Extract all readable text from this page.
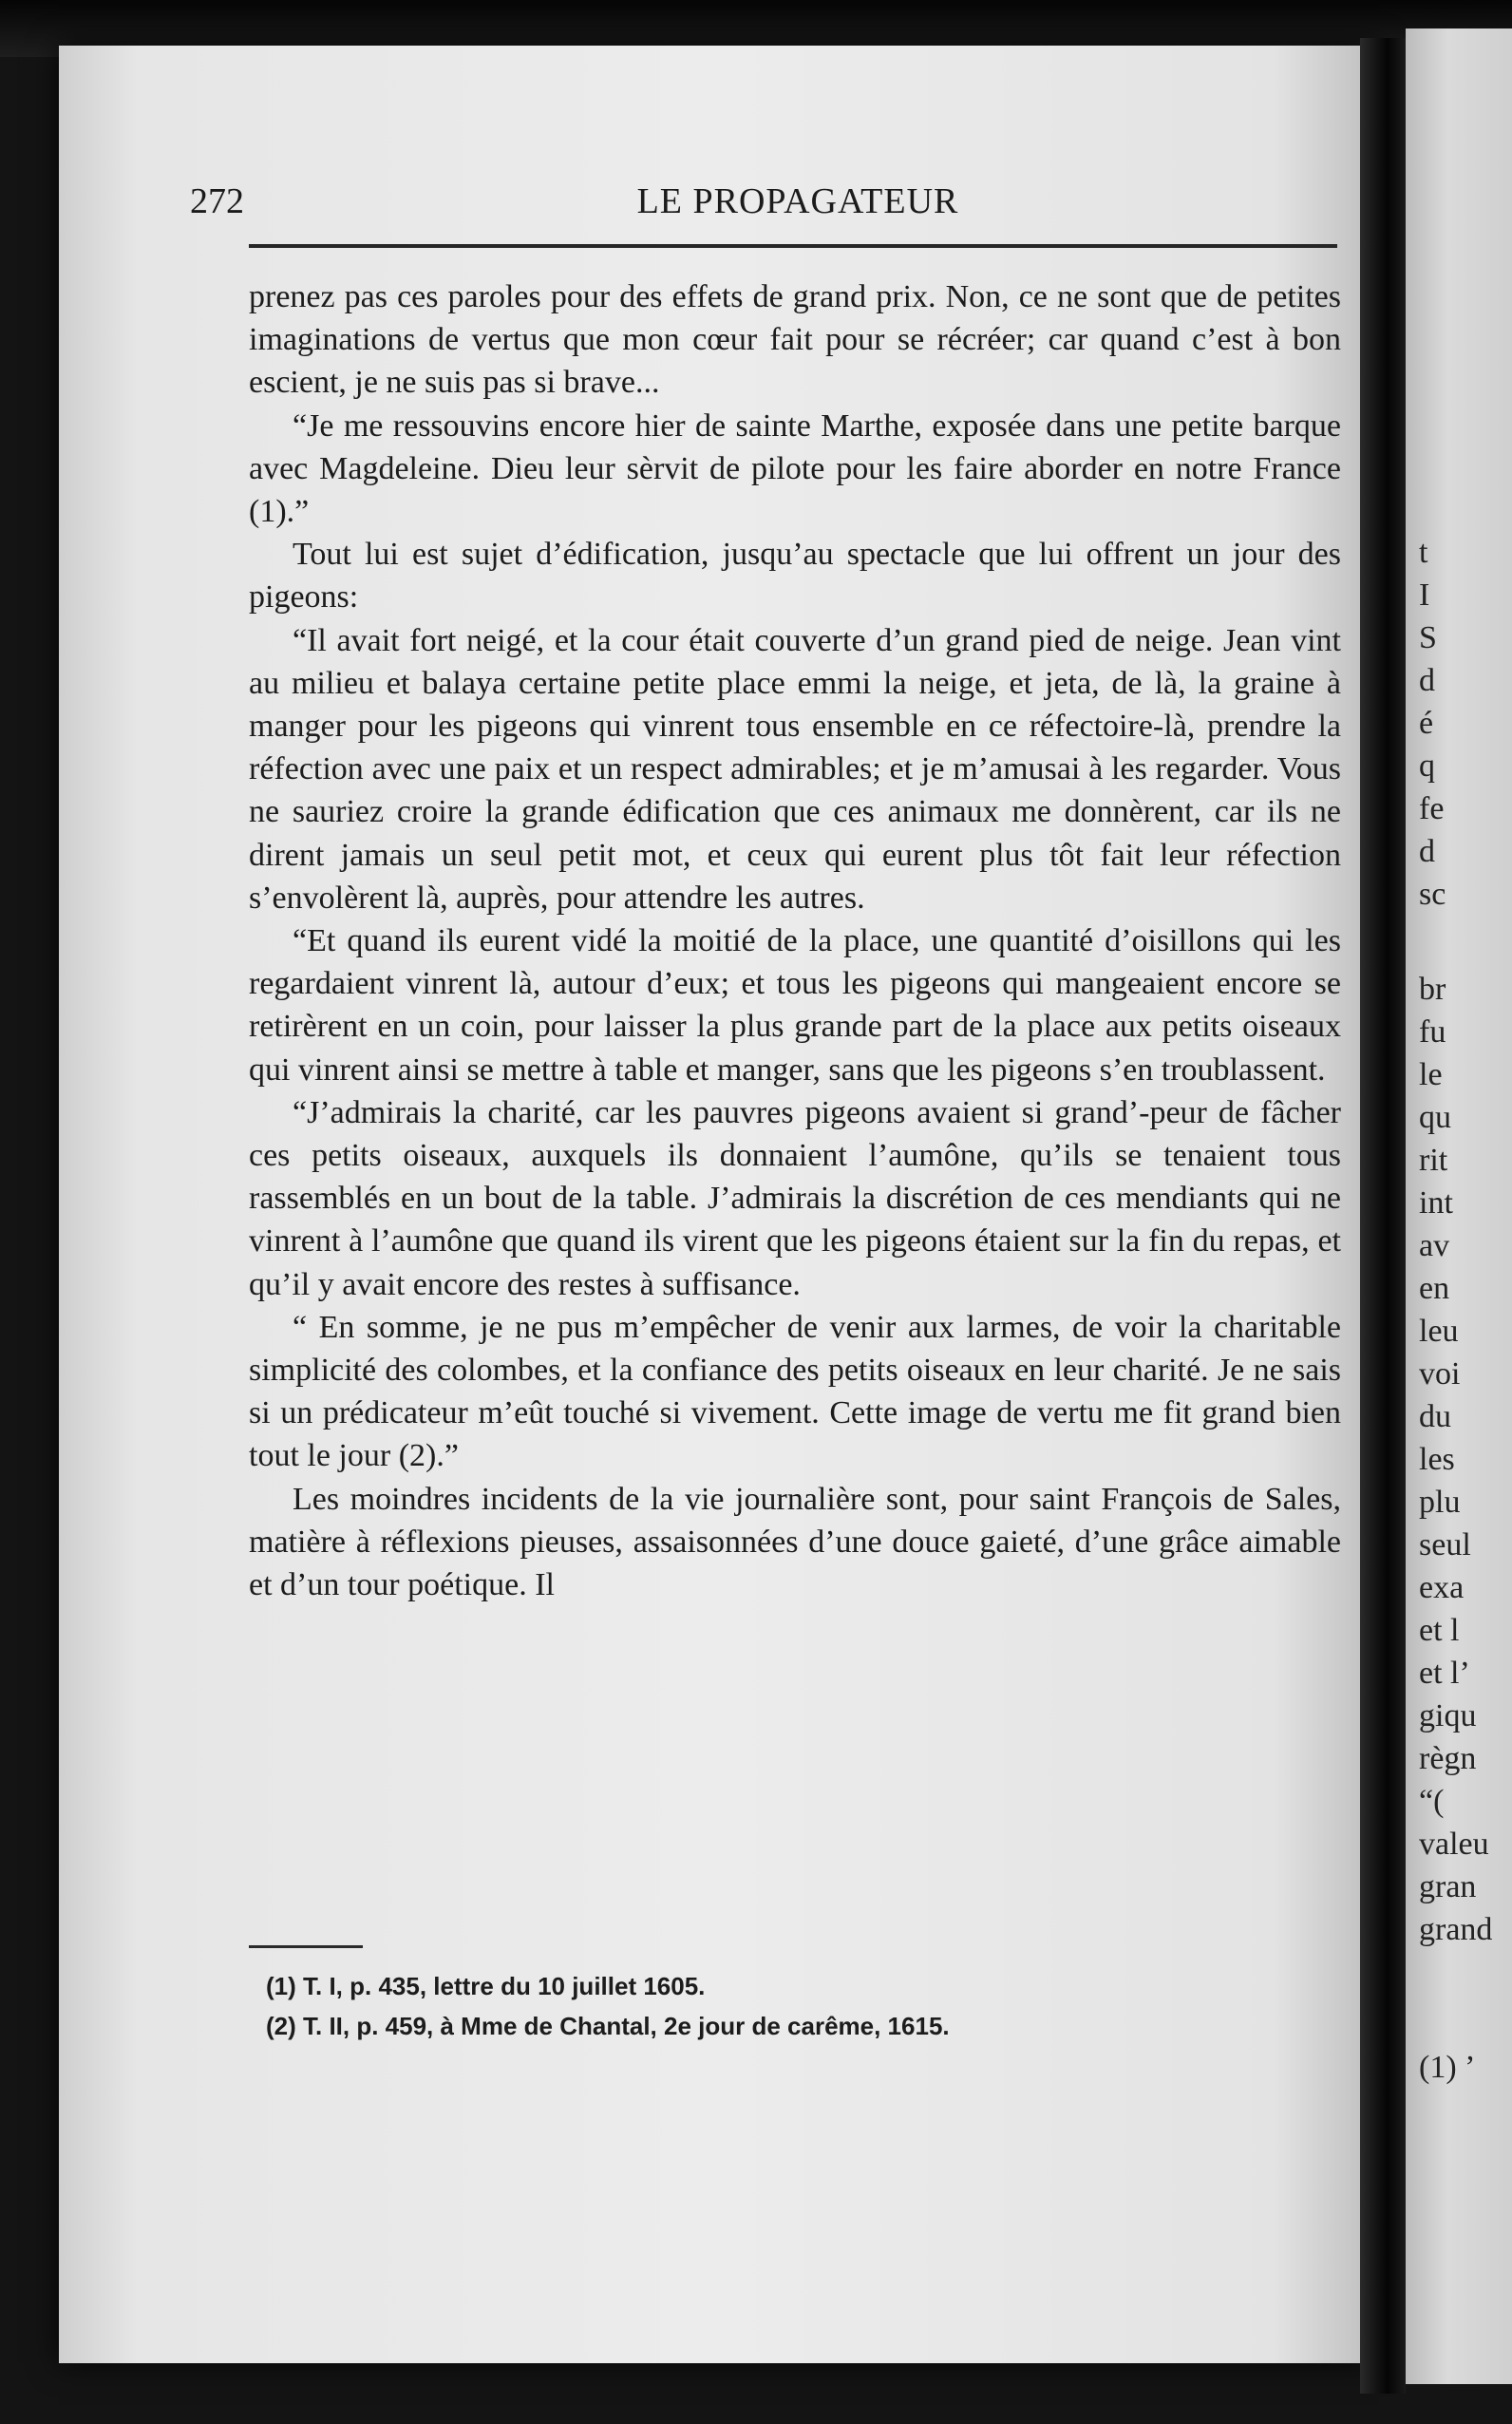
t
I
S
d
é
q
fe
d
sc
br
fu
le
qu
rit
int
av
en
leu
voi
du
les
plu
seul
exa
et l
et l’
giqu
règn
“(
valeu
gran
grand
(1) ’
272	LE PROPAGATEUR

prenez pas ces paroles pour des effets de grand prix. Non, ce ne sont que de petites imaginations de vertus que mon cœur fait pour se récréer; car quand c’est à bon escient, je ne suis pas si brave...

“Je me ressouvins encore hier de sainte Marthe, exposée dans une petite barque avec Magdeleine. Dieu leur sèrvit de pilote pour les faire aborder en notre France (1).”

Tout lui est sujet d’édification, jusqu’au spectacle que lui offrent un jour des pigeons:

“Il avait fort neigé, et la cour était couverte d’un grand pied de neige. Jean vint au milieu et balaya certaine petite place emmi la neige, et jeta, de là, la graine à manger pour les pigeons qui vinrent tous ensemble en ce réfectoire-là, prendre la réfection avec une paix et un respect admirables; et je m’amusai à les regarder. Vous ne sauriez croire la grande édification que ces animaux me donnèrent, car ils ne dirent jamais un seul petit mot, et ceux qui eurent plus tôt fait leur réfection s’envolèrent là, auprès, pour attendre les autres.

“Et quand ils eurent vidé la moitié de la place, une quantité d’oisillons qui les regardaient vinrent là, autour d’eux; et tous les pigeons qui mangeaient encore se retirèrent en un coin, pour laisser la plus grande part de la place aux petits oiseaux qui vinrent ainsi se mettre à table et manger, sans que les pigeons s’en troublassent.

“J’admirais la charité, car les pauvres pigeons avaient si grand’-peur de fâcher ces petits oiseaux, auxquels ils donnaient l’aumône, qu’ils se tenaient tous rassemblés en un bout de la table. J’admirais la discrétion de ces mendiants qui ne vinrent à l’aumône que quand ils virent que les pigeons étaient sur la fin du repas, et qu’il y avait encore des restes à suffisance.

“ En somme, je ne pus m’empêcher de venir aux larmes, de voir la charitable simplicité des colombes, et la confiance des petits oiseaux en leur charité. Je ne sais si un prédicateur m’eût touché si vivement. Cette image de vertu me fit grand bien tout le jour (2).”

Les moindres incidents de la vie journalière sont, pour saint François de Sales, matière à réflexions pieuses, assaisonnées d’une douce gaieté, d’une grâce aimable et d’un tour poétique. Il

(1) T. I, p. 435, lettre du 10 juillet 1605.
(2) T. II, p. 459, à Mme de Chantal, 2e jour de carême, 1615.
